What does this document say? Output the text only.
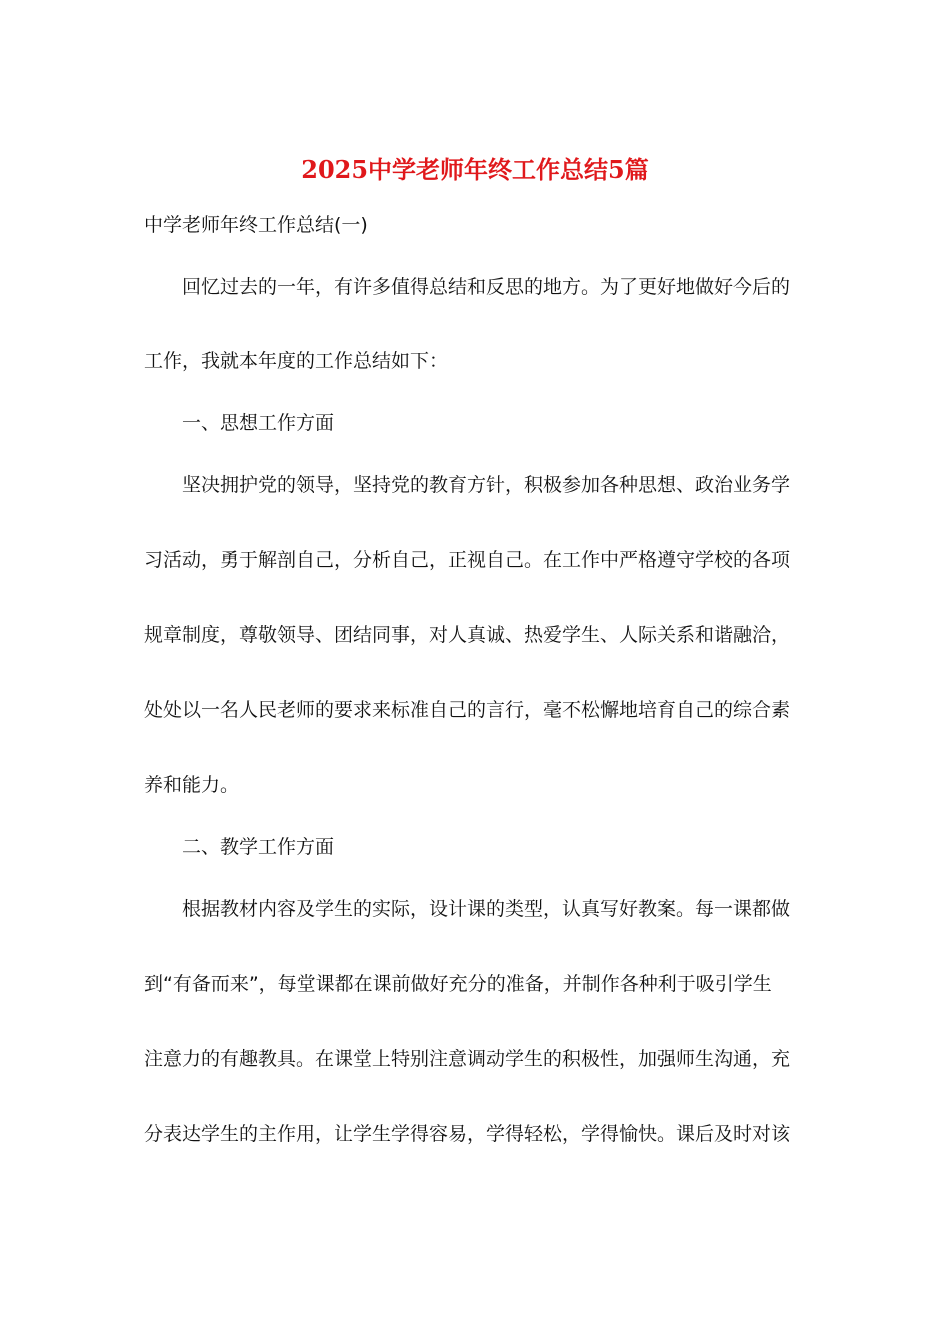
2025中学老师年终工作总结5篇

中学老师年终工作总结(一)

回忆过去的一年，有许多值得总结和反思的地方。为了更好地做好今后的

工作，我就本年度的工作总结如下：

一、思想工作方面

坚决拥护党的领导，坚持党的教育方针，积极参加各种思想、政治业务学

习活动，勇于解剖自己，分析自己，正视自己。在工作中严格遵守学校的各项

规章制度，尊敬领导、团结同事，对人真诚、热爱学生、人际关系和谐融洽，

处处以一名人民老师的要求来标准自己的言行，毫不松懈地培育自己的综合素

养和能力。

二、教学工作方面

根据教材内容及学生的实际，设计课的类型，认真写好教案。每一课都做

到“有备而来”，每堂课都在课前做好充分的准备，并制作各种利于吸引学生

注意力的有趣教具。在课堂上特别注意调动学生的积极性，加强师生沟通，充

分表达学生的主作用，让学生学得容易，学得轻松，学得愉快。课后及时对该
